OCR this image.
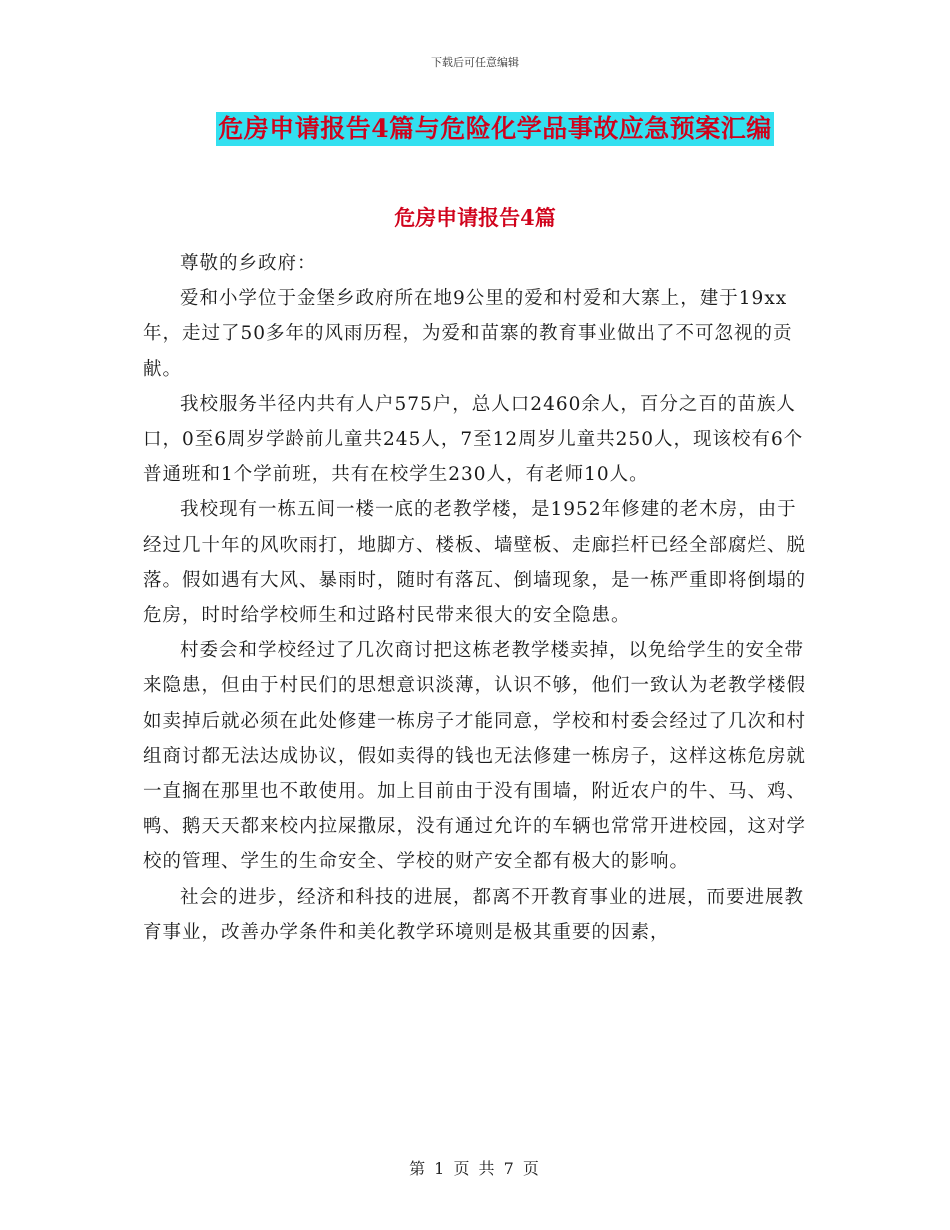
下载后可任意编辑
危房申请报告4篇与危险化学品事故应急预案汇编
危房申请报告4篇

尊敬的乡政府：

爱和小学位于金堡乡政府所在地9公里的爱和村爱和大寨上，建于19xx年，走过了50多年的风雨历程，为爱和苗寨的教育事业做出了不可忽视的贡献。

我校服务半径内共有人户575户，总人口2460余人，百分之百的苗族人口，0至6周岁学龄前儿童共245人，7至12周岁儿童共250人，现该校有6个普通班和1个学前班，共有在校学生230人，有老师10人。

我校现有一栋五间一楼一底的老教学楼，是1952年修建的老木房，由于经过几十年的风吹雨打，地脚方、楼板、墙壁板、走廊拦杆已经全部腐烂、脱落。假如遇有大风、暴雨时，随时有落瓦、倒墙现象，是一栋严重即将倒塌的危房，时时给学校师生和过路村民带来很大的安全隐患。

村委会和学校经过了几次商讨把这栋老教学楼卖掉，以免给学生的安全带来隐患，但由于村民们的思想意识淡薄，认识不够，他们一致认为老教学楼假如卖掉后就必须在此处修建一栋房子才能同意，学校和村委会经过了几次和村组商讨都无法达成协议，假如卖得的钱也无法修建一栋房子，这样这栋危房就一直搁在那里也不敢使用。加上目前由于没有围墙，附近农户的牛、马、鸡、鸭、鹅天天都来校内拉屎撒尿，没有通过允许的车辆也常常开进校园，这对学校的管理、学生的生命安全、学校的财产安全都有极大的影响。

社会的进步，经济和科技的进展，都离不开教育事业的进展，而要进展教育事业，改善办学条件和美化教学环境则是极其重要的因素，

第 1 页 共 7 页
